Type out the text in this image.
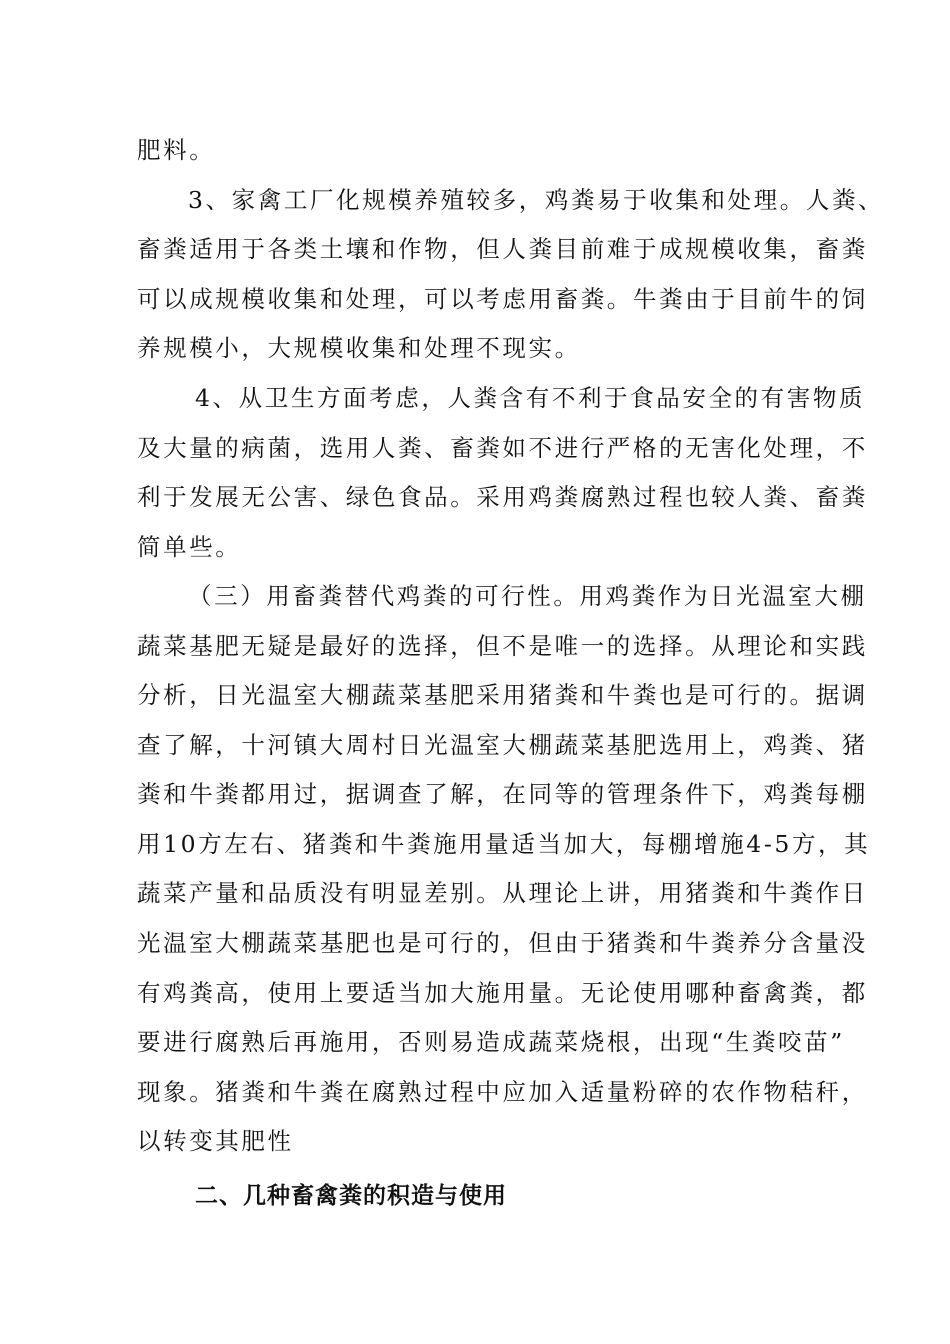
肥料。
3、家禽工厂化规模养殖较多，鸡粪易于收集和处理。人粪、
畜粪适用于各类土壤和作物，但人粪目前难于成规模收集，畜粪
可以成规模收集和处理，可以考虑用畜粪。牛粪由于目前牛的饲
养规模小，大规模收集和处理不现实。
4、从卫生方面考虑，人粪含有不利于食品安全的有害物质
及大量的病菌，选用人粪、畜粪如不进行严格的无害化处理，不
利于发展无公害、绿色食品。采用鸡粪腐熟过程也较人粪、畜粪
简单些。
（三）用畜粪替代鸡粪的可行性。用鸡粪作为日光温室大棚
蔬菜基肥无疑是最好的选择，但不是唯一的选择。从理论和实践
分析，日光温室大棚蔬菜基肥采用猪粪和牛粪也是可行的。据调
查了解，十河镇大周村日光温室大棚蔬菜基肥选用上，鸡粪、猪
粪和牛粪都用过，据调查了解，在同等的管理条件下，鸡粪每棚
用10方左右、猪粪和牛粪施用量适当加大，每棚增施4-5方，其
蔬菜产量和品质没有明显差别。从理论上讲，用猪粪和牛粪作日
光温室大棚蔬菜基肥也是可行的，但由于猪粪和牛粪养分含量没
有鸡粪高，使用上要适当加大施用量。无论使用哪种畜禽粪，都
要进行腐熟后再施用，否则易造成蔬菜烧根，出现“生粪咬苗”
现象。猪粪和牛粪在腐熟过程中应加入适量粉碎的农作物秸秆，
以转变其肥性
二、几种畜禽粪的积造与使用
